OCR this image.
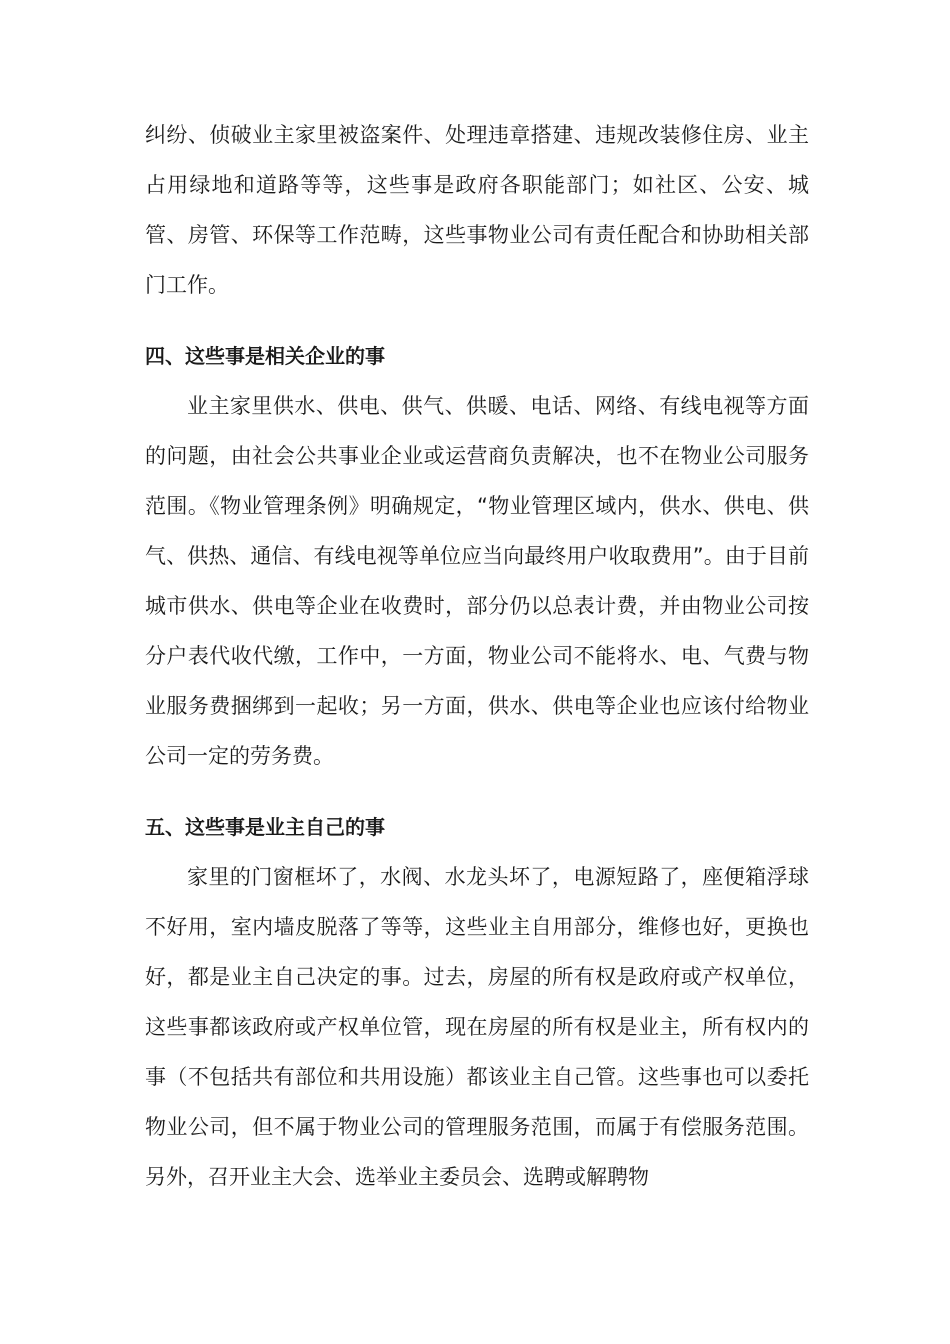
纠纷、侦破业主家里被盗案件、处理违章搭建、违规改装修住房、业主占用绿地和道路等等，这些事是政府各职能部门；如社区、公安、城管、房管、环保等工作范畴，这些事物业公司有责任配合和协助相关部门工作。

四、这些事是相关企业的事

业主家里供水、供电、供气、供暖、电话、网络、有线电视等方面的问题，由社会公共事业企业或运营商负责解决，也不在物业公司服务范围。《物业管理条例》明确规定，“物业管理区域内，供水、供电、供气、供热、通信、有线电视等单位应当向最终用户收取费用”。由于目前城市供水、供电等企业在收费时，部分仍以总表计费，并由物业公司按分户表代收代缴，工作中，一方面，物业公司不能将水、电、气费与物业服务费捆绑到一起收；另一方面，供水、供电等企业也应该付给物业公司一定的劳务费。

五、这些事是业主自己的事

家里的门窗框坏了，水阀、水龙头坏了，电源短路了，座便箱浮球不好用，室内墙皮脱落了等等，这些业主自用部分，维修也好，更换也好，都是业主自己决定的事。过去，房屋的所有权是政府或产权单位，这些事都该政府或产权单位管，现在房屋的所有权是业主，所有权内的事（不包括共有部位和共用设施）都该业主自己管。这些事也可以委托物业公司，但不属于物业公司的管理服务范围，而属于有偿服务范围。另外，召开业主大会、选举业主委员会、选聘或解聘物
